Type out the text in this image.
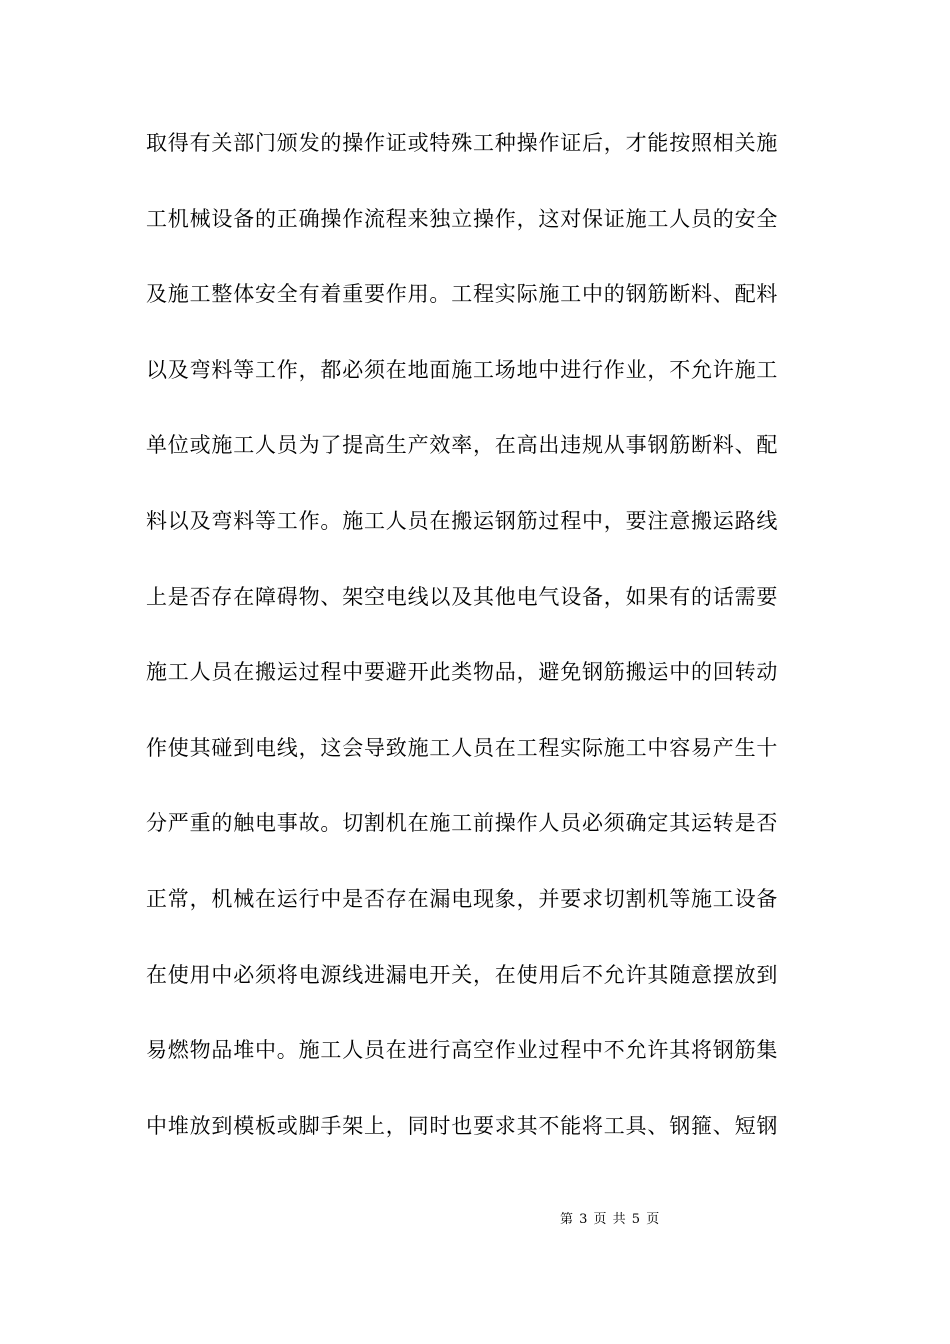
取得有关部门颁发的操作证或特殊工种操作证后，才能按照相关施
工机械设备的正确操作流程来独立操作，这对保证施工人员的安全
及施工整体安全有着重要作用。工程实际施工中的钢筋断料、配料
以及弯料等工作，都必须在地面施工场地中进行作业，不允许施工
单位或施工人员为了提高生产效率，在高出违规从事钢筋断料、配
料以及弯料等工作。施工人员在搬运钢筋过程中，要注意搬运路线
上是否存在障碍物、架空电线以及其他电气设备，如果有的话需要
施工人员在搬运过程中要避开此类物品，避免钢筋搬运中的回转动
作使其碰到电线，这会导致施工人员在工程实际施工中容易产生十
分严重的触电事故。切割机在施工前操作人员必须确定其运转是否
正常，机械在运行中是否存在漏电现象，并要求切割机等施工设备
在使用中必须将电源线进漏电开关，在使用后不允许其随意摆放到
易燃物品堆中。施工人员在进行高空作业过程中不允许其将钢筋集
中堆放到模板或脚手架上，同时也要求其不能将工具、钢箍、短钢
第 3 页 共 5 页
